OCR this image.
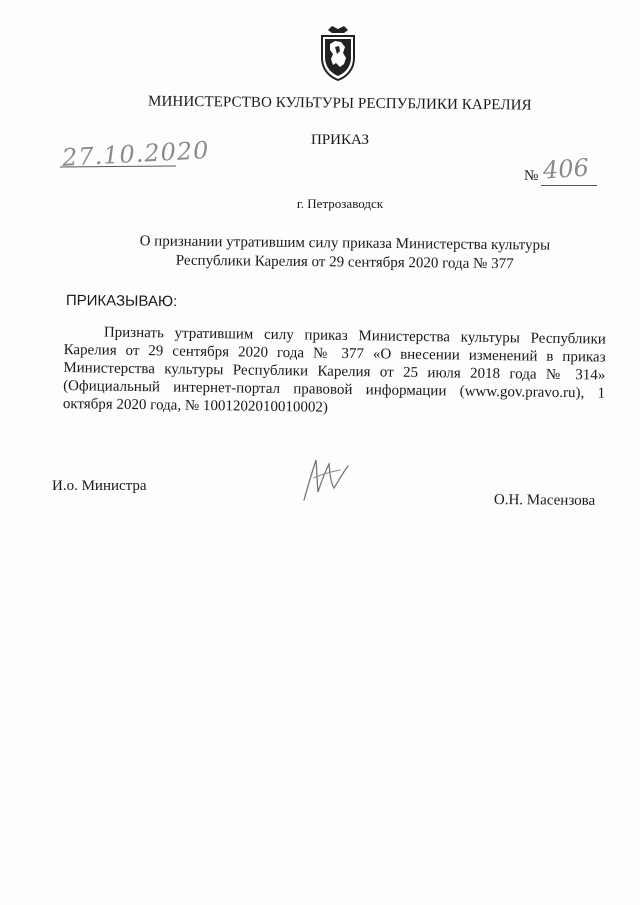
МИНИСТЕРСТВО КУЛЬТУРЫ РЕСПУБЛИКИ КАРЕЛИЯ
ПРИКАЗ
27.10.2020
№ 406
г. Петрозаводск
О признании утратившим силу приказа Министерства культуры Республики Карелия от 29 сентября 2020 года № 377
ПРИКАЗЫВАЮ:
Признать утратившим силу приказ Министерства культуры Республики Карелия от 29 сентября 2020 года № 377 «О внесении изменений в приказ Министерства культуры Республики Карелия от 25 июля 2018 года № 314» (Официальный интернет-портал правовой информации (www.gov.pravo.ru), 1 октября 2020 года, № 1001202010010002)
И.о. Министра
О.Н. Масензова
